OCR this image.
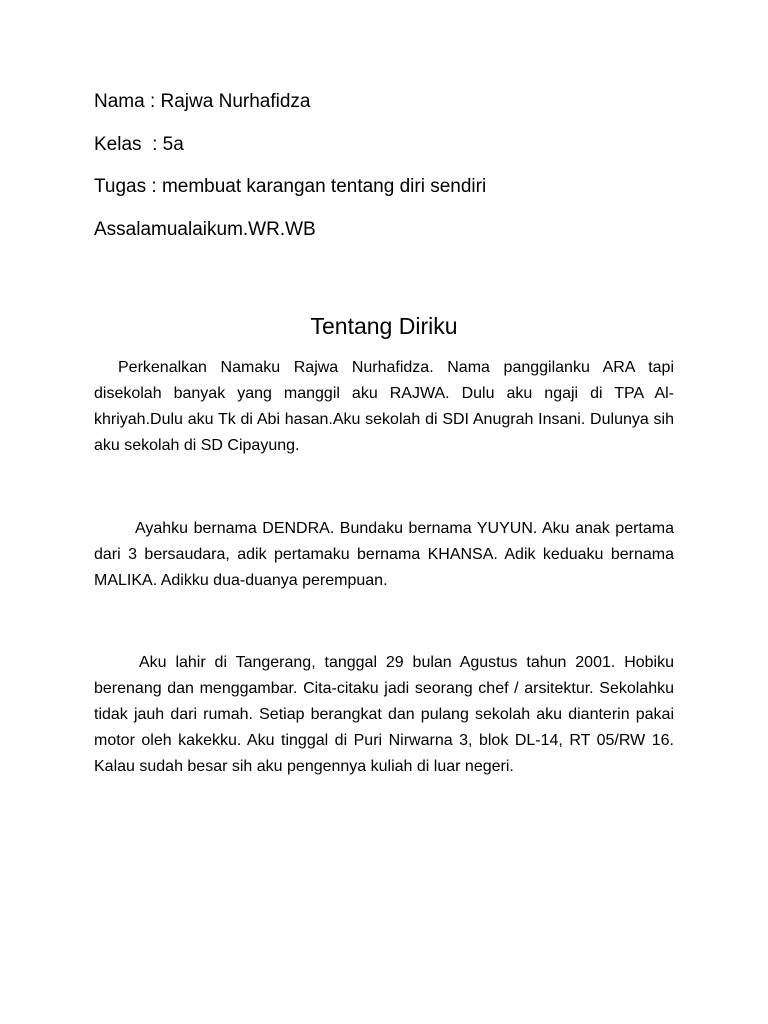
Nama : Rajwa Nurhafidza
Kelas  : 5a
Tugas : membuat karangan tentang diri sendiri
Assalamualaikum.WR.WB
Tentang Diriku

Perkenalkan Namaku Rajwa Nurhafidza. Nama panggilanku ARA tapi disekolah banyak yang manggil aku RAJWA. Dulu aku ngaji di TPA Al-khriyah.Dulu aku Tk di Abi hasan.Aku sekolah di SDI Anugrah Insani. Dulunya sih aku sekolah di SD Cipayung.

Ayahku bernama DENDRA. Bundaku bernama YUYUN. Aku anak pertama dari 3 bersaudara, adik pertamaku bernama KHANSA. Adik keduaku bernama MALIKA. Adikku dua-duanya perempuan.

Aku lahir di Tangerang, tanggal 29 bulan Agustus tahun 2001. Hobiku berenang dan menggambar. Cita-citaku jadi seorang chef / arsitektur. Sekolahku tidak jauh dari rumah. Setiap berangkat dan pulang sekolah aku dianterin pakai motor oleh kakekku. Aku tinggal di Puri Nirwarna 3, blok DL-14, RT 05/RW 16. Kalau sudah besar sih aku pengennya kuliah di luar negeri.
